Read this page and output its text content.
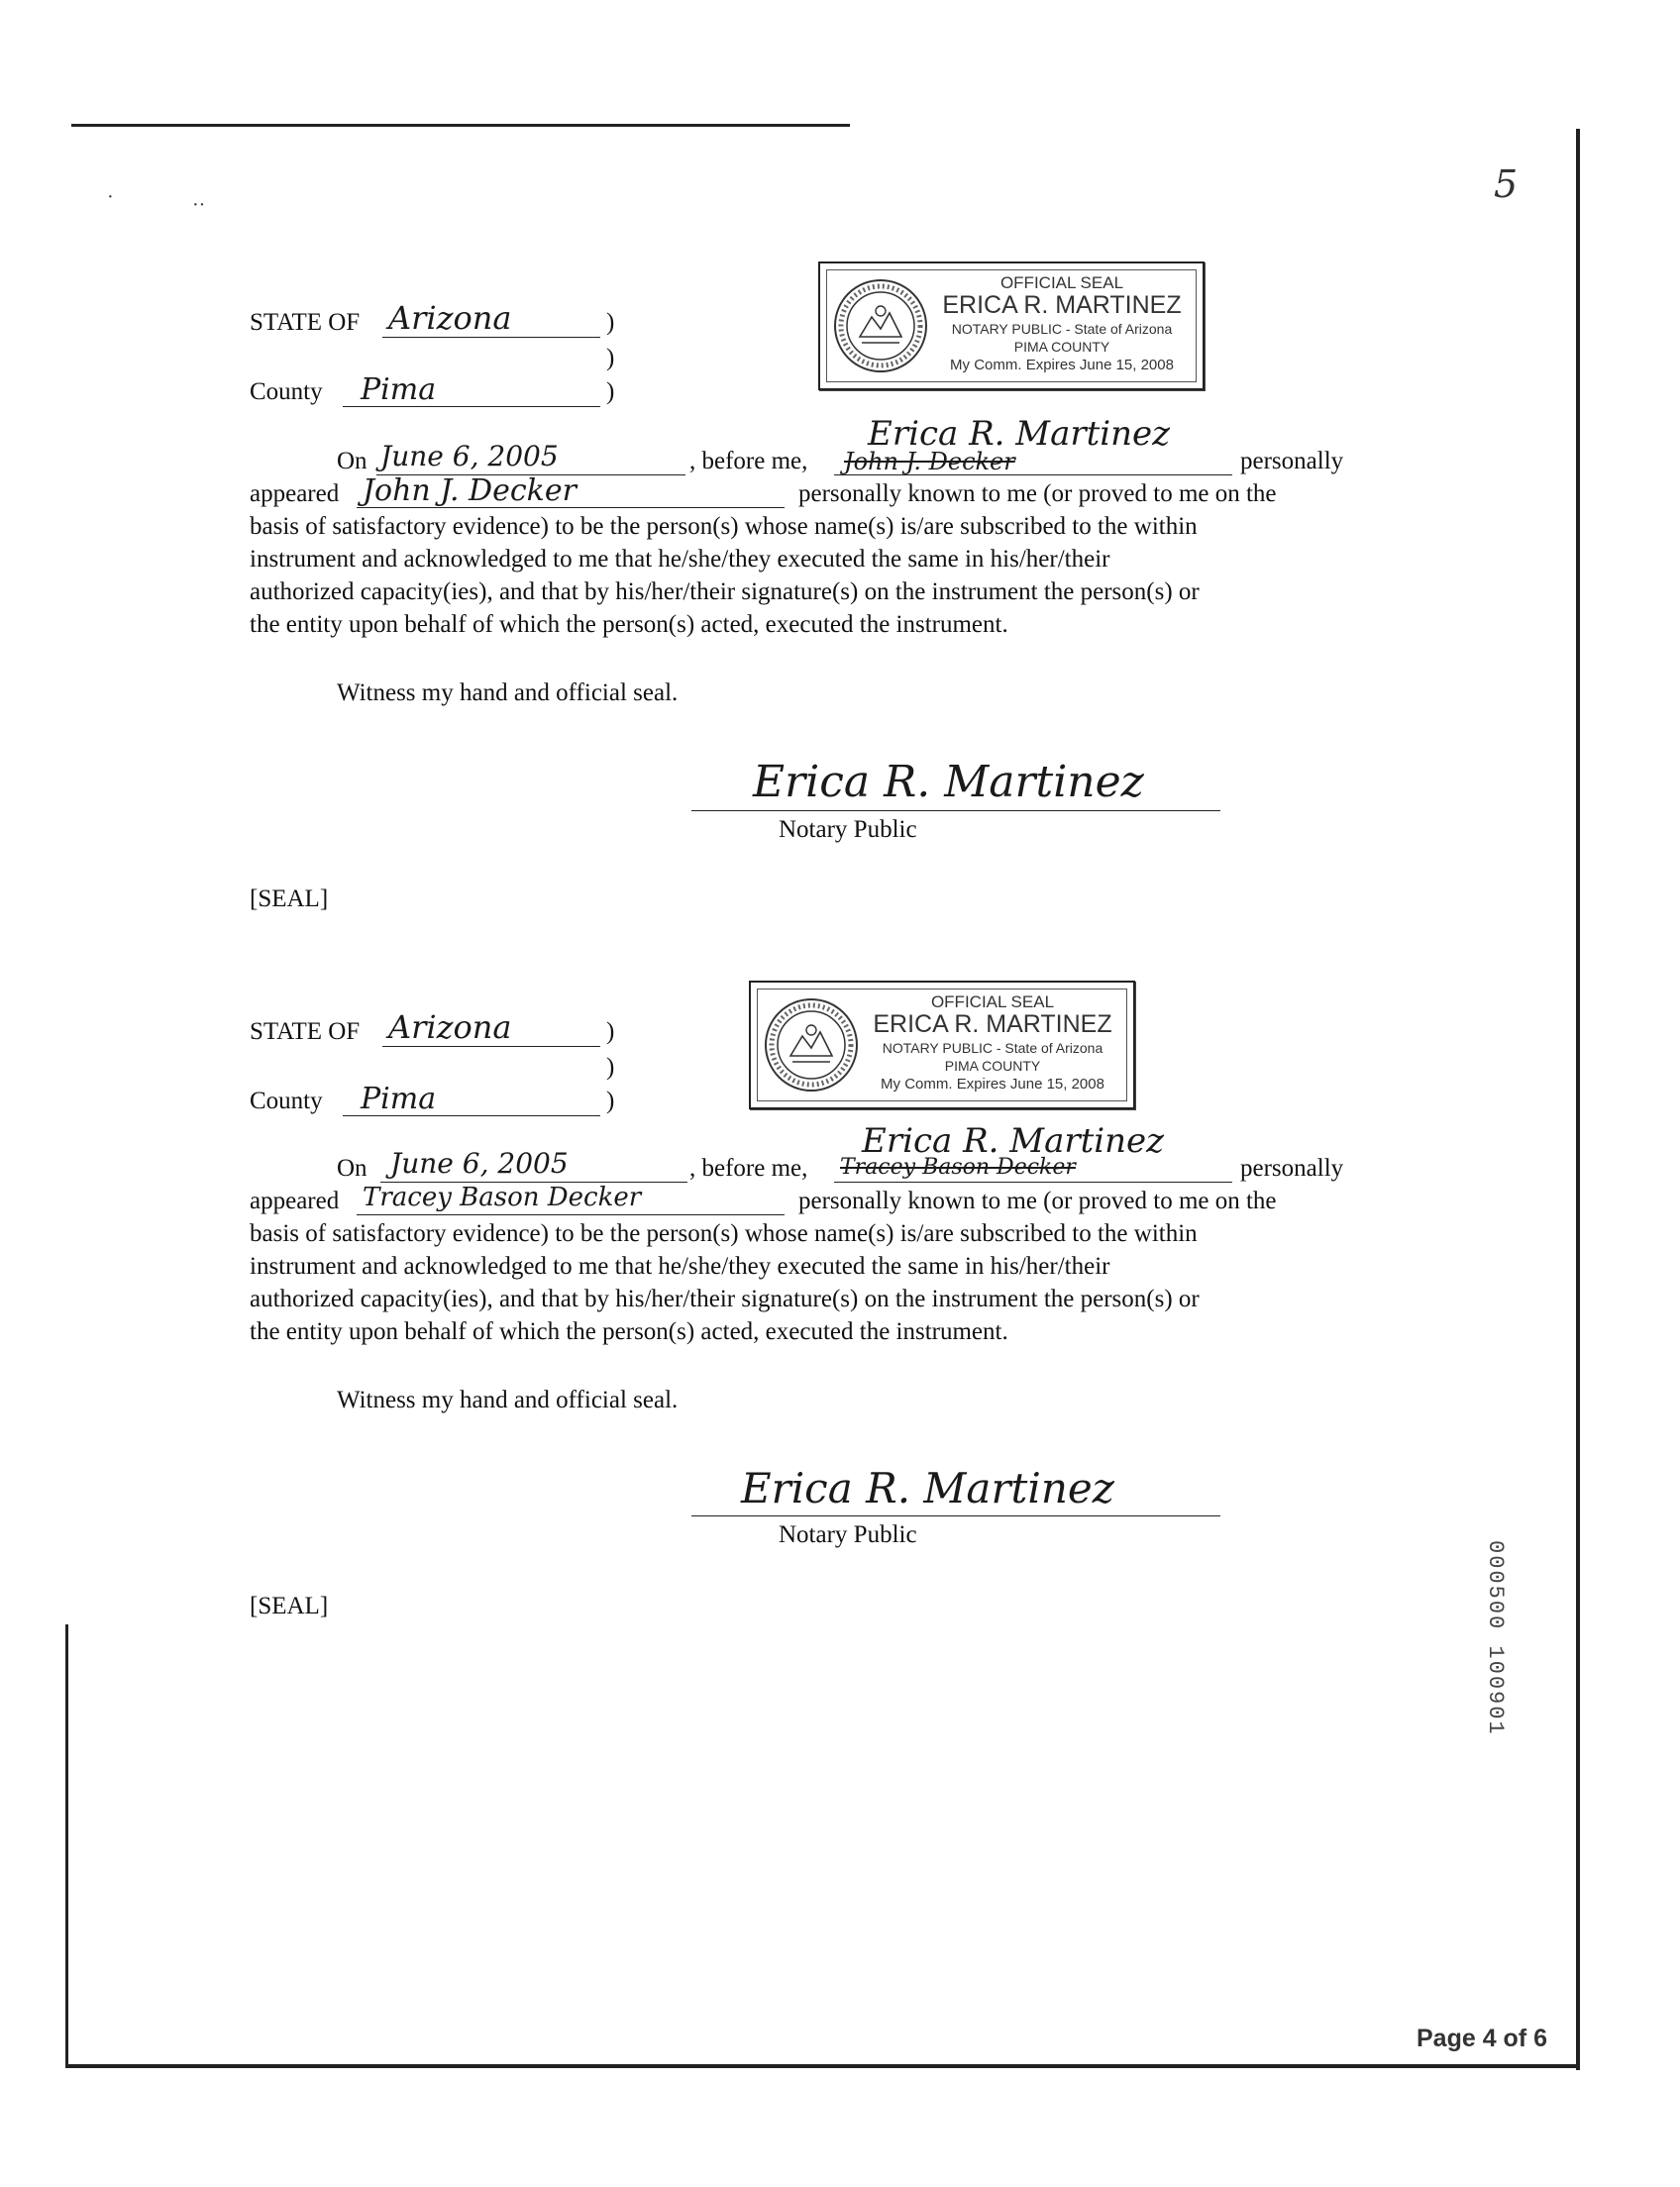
·	··	5
STATE OF Arizona	)
)
County Pima	)
OFFICIAL SEAL
ERICA R. MARTINEZ
NOTARY PUBLIC - State of Arizona
PIMA COUNTY
My Comm. Expires June 15, 2008
On June 6, 2005	, before me,
Erica R. Martinez
John J. Decker	personally
appeared John J. Decker	personally known to me (or proved to me on the
basis of satisfactory evidence) to be the person(s) whose name(s) is/are subscribed to the within
instrument and acknowledged to me that he/she/they executed the same in his/her/their
authorized capacity(ies), and that by his/her/their signature(s) on the instrument the person(s) or
the entity upon behalf of which the person(s) acted, executed the instrument.
Witness my hand and official seal.
Erica R. Martinez
Notary Public
[SEAL]
STATE OF Arizona	)
)
County Pima	)
OFFICIAL SEAL
ERICA R. MARTINEZ
NOTARY PUBLIC - State of Arizona
PIMA COUNTY
My Comm. Expires June 15, 2008
On June 6, 2005	, before me,
Erica R. Martinez
Tracey Bason Decker	personally
appeared Tracey Bason Decker	personally known to me (or proved to me on the
basis of satisfactory evidence) to be the person(s) whose name(s) is/are subscribed to the within
instrument and acknowledged to me that he/she/they executed the same in his/her/their
authorized capacity(ies), and that by his/her/their signature(s) on the instrument the person(s) or
the entity upon behalf of which the person(s) acted, executed the instrument.
Witness my hand and official seal.
Erica R. Martinez
Notary Public
[SEAL]	000500 100901
Page 4 of 6
